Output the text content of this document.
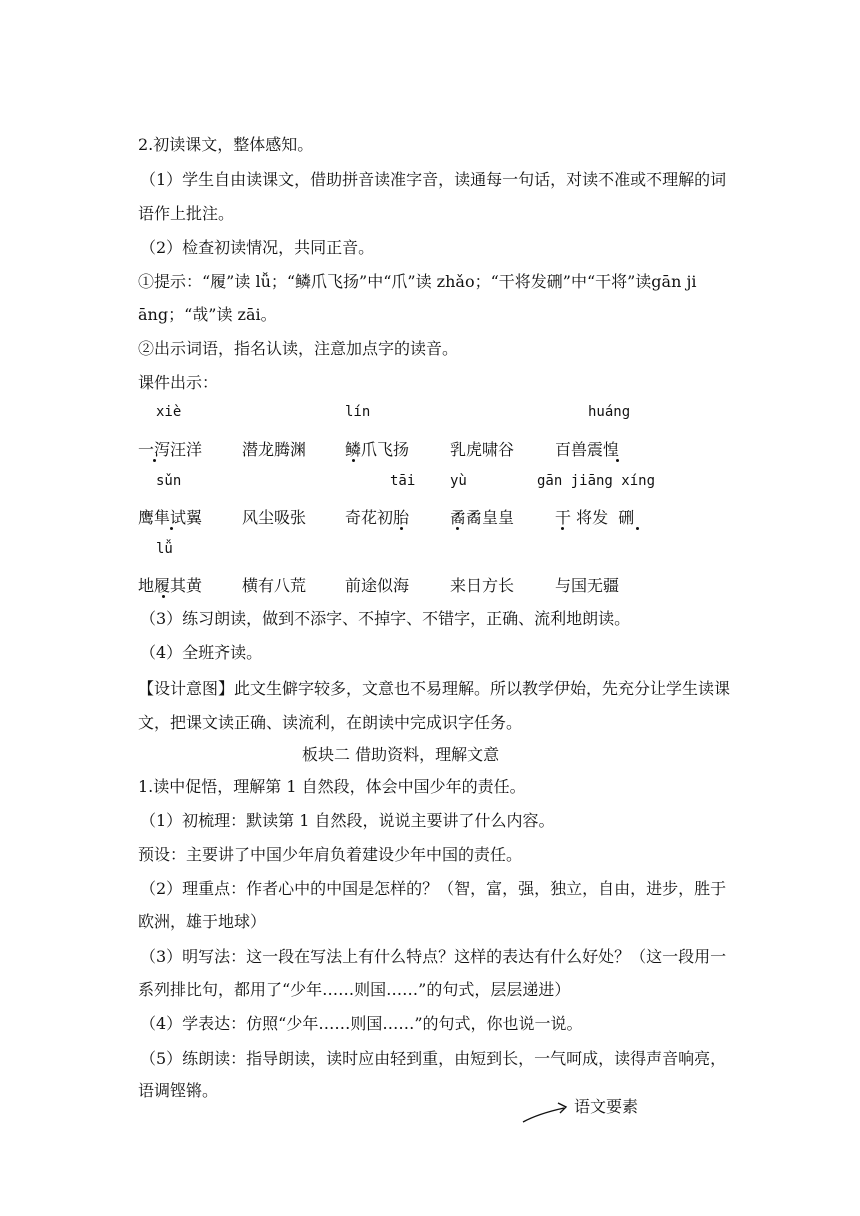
2.初读课文，整体感知。
（1）学生自由读课文，借助拼音读准字音，读通每一句话，对读不准或不理解的词
语作上批注。
（2）检查初读情况，共同正音。
①提示：“履”读 lǚ；“鳞爪飞扬”中“爪”读 zhǎo；“干将发硎”中“干将”读gān ji
āng；“哉”读 zāi。
②出示词语，指名认读，注意加点字的读音。
课件出示：
xiè	lín	huáng
一泻汪洋 潜龙腾渊 鳞爪飞扬	乳虎啸谷	百兽震惶
sǔn	tāi yù	gān jiāng xíng
鹰隼试翼 风尘吸张 奇花初胎	矞矞皇皇	干 将发  硎
lǚ
地履其黄 横有八荒 前途似海	来日方长	与国无疆
（3）练习朗读，做到不添字、不掉字、不错字，正确、流利地朗读。
（4）全班齐读。
【设计意图】此文生僻字较多，文意也不易理解。所以教学伊始，先充分让学生读课
文，把课文读正确、读流利，在朗读中完成识字任务。
板块二 借助资料，理解文意
1.读中促悟，理解第 1 自然段，体会中国少年的责任。
（1）初梳理：默读第 1 自然段，说说主要讲了什么内容。
预设：主要讲了中国少年肩负着建设少年中国的责任。
（2）理重点：作者心中的中国是怎样的？（智，富，强，独立，自由，进步，胜于
欧洲，雄于地球）
（3）明写法：这一段在写法上有什么特点？这样的表达有什么好处？（这一段用一
系列排比句，都用了“少年……则国……”的句式，层层递进）
（4）学表达：仿照“少年……则国……”的句式，你也说一说。
（5）练朗读：指导朗读，读时应由轻到重，由短到长，一气呵成，读得声音响亮，
语调铿锵。
语文要素
